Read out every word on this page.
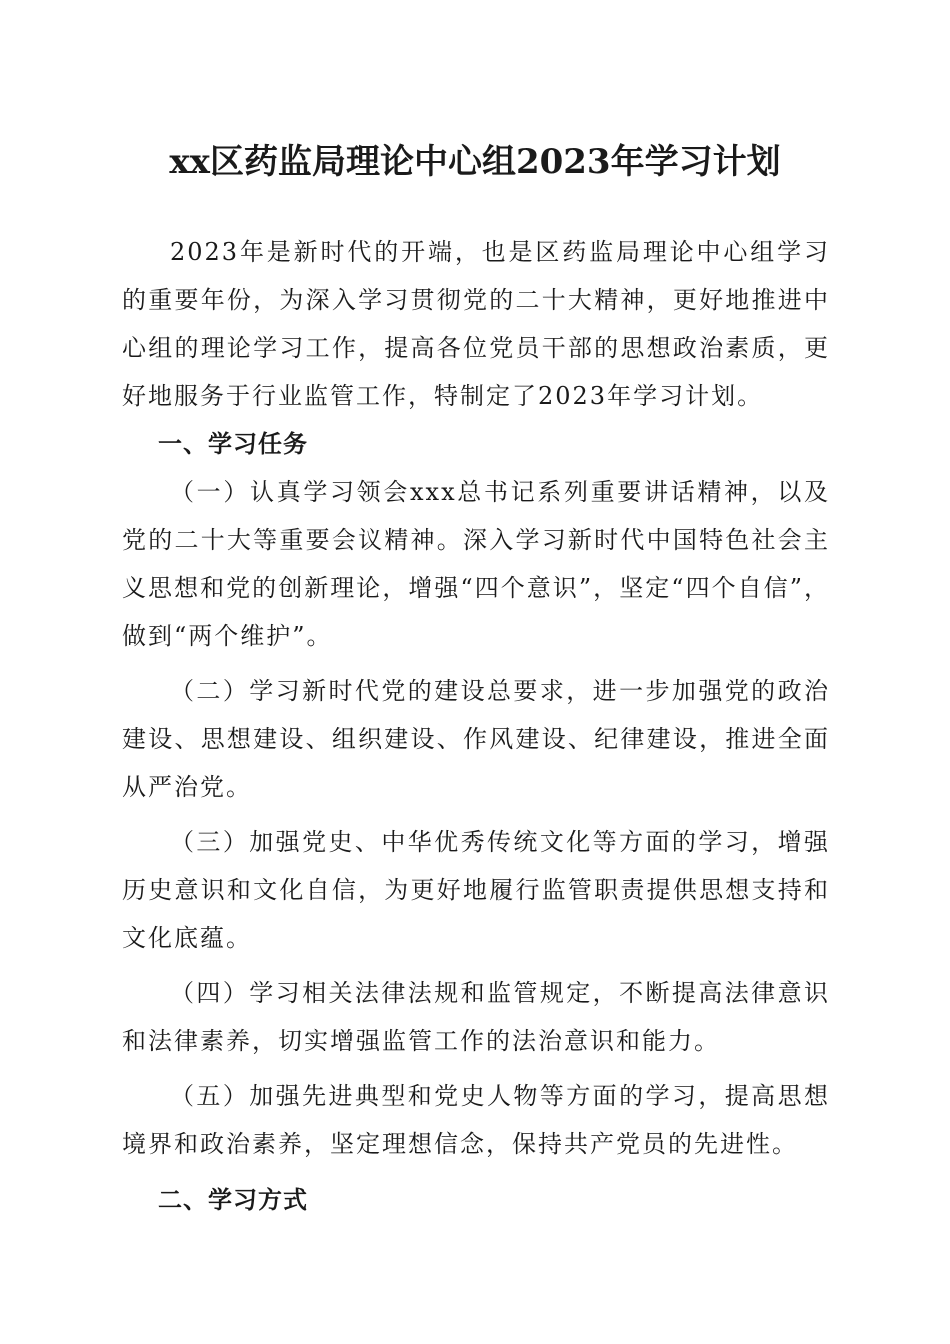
xx区药监局理论中心组2023年学习计划

2023年是新时代的开端，也是区药监局理论中心组学习的重要年份，为深入学习贯彻党的二十大精神，更好地推进中心组的理论学习工作，提高各位党员干部的思想政治素质，更好地服务于行业监管工作，特制定了2023年学习计划。

一、学习任务

（一）认真学习领会xxx总书记系列重要讲话精神，以及党的二十大等重要会议精神。深入学习新时代中国特色社会主义思想和党的创新理论，增强“四个意识”，坚定“四个自信”，做到“两个维护”。

（二）学习新时代党的建设总要求，进一步加强党的政治建设、思想建设、组织建设、作风建设、纪律建设，推进全面从严治党。

（三）加强党史、中华优秀传统文化等方面的学习，增强历史意识和文化自信，为更好地履行监管职责提供思想支持和文化底蕴。

（四）学习相关法律法规和监管规定，不断提高法律意识和法律素养，切实增强监管工作的法治意识和能力。

（五）加强先进典型和党史人物等方面的学习，提高思想境界和政治素养，坚定理想信念，保持共产党员的先进性。

二、学习方式
